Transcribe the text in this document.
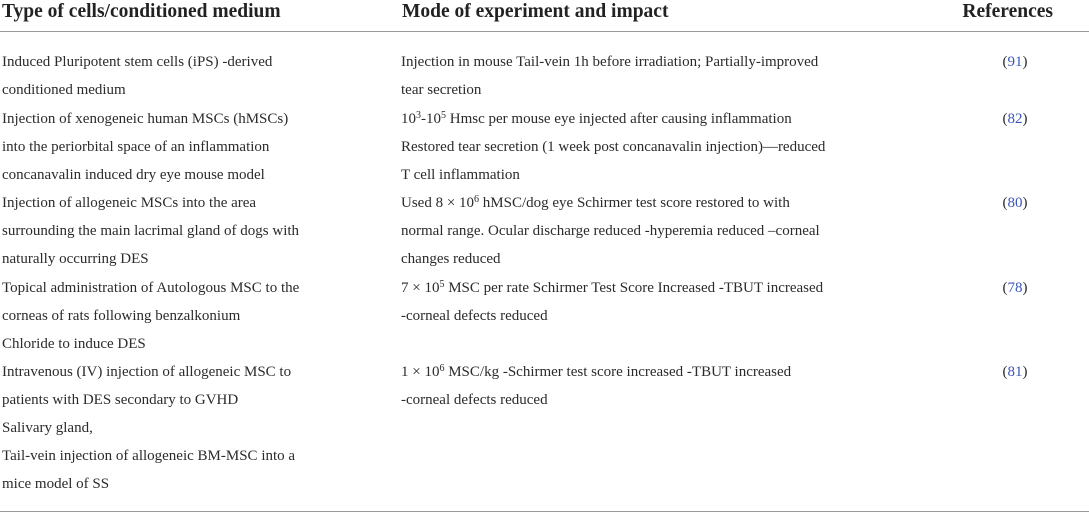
Type of cells/conditioned medium	Mode of experiment and impact	References
Induced Pluripotent stem cells (iPS) -derived
conditioned medium
Injection in mouse Tail-vein 1h before irradiation; Partially-improved
tear secretion
(91)
Injection of xenogeneic human MSCs (hMSCs)
into the periorbital space of an inflammation
concanavalin induced dry eye mouse model
$10^3-10^5$ Hmsc per mouse eye injected after causing inflammation
Restored tear secretion (1 week post concanavalin injection)—reduced
T cell inflammation
(82)
Injection of allogeneic MSCs into the area
surrounding the main lacrimal gland of dogs with
naturally occurring DES
Used $8 \times 10^6$ hMSC/dog eye Schirmer test score restored to with
normal range. Ocular discharge reduced -hyperemia reduced –corneal
changes reduced
(80)
Topical administration of Autologous MSC to the
corneas of rats following benzalkonium
Chloride to induce DES
$7 \times 10^5$ MSC per rate Schirmer Test Score Increased -TBUT increased
-corneal defects reduced
(78)
Intravenous (IV) injection of allogeneic MSC to
patients with DES secondary to GVHD
Salivary gland,
Tail-vein injection of allogeneic BM-MSC into a
mice model of SS
$1 \times 10^6$ MSC/kg -Schirmer test score increased -TBUT increased
-corneal defects reduced
(81)
